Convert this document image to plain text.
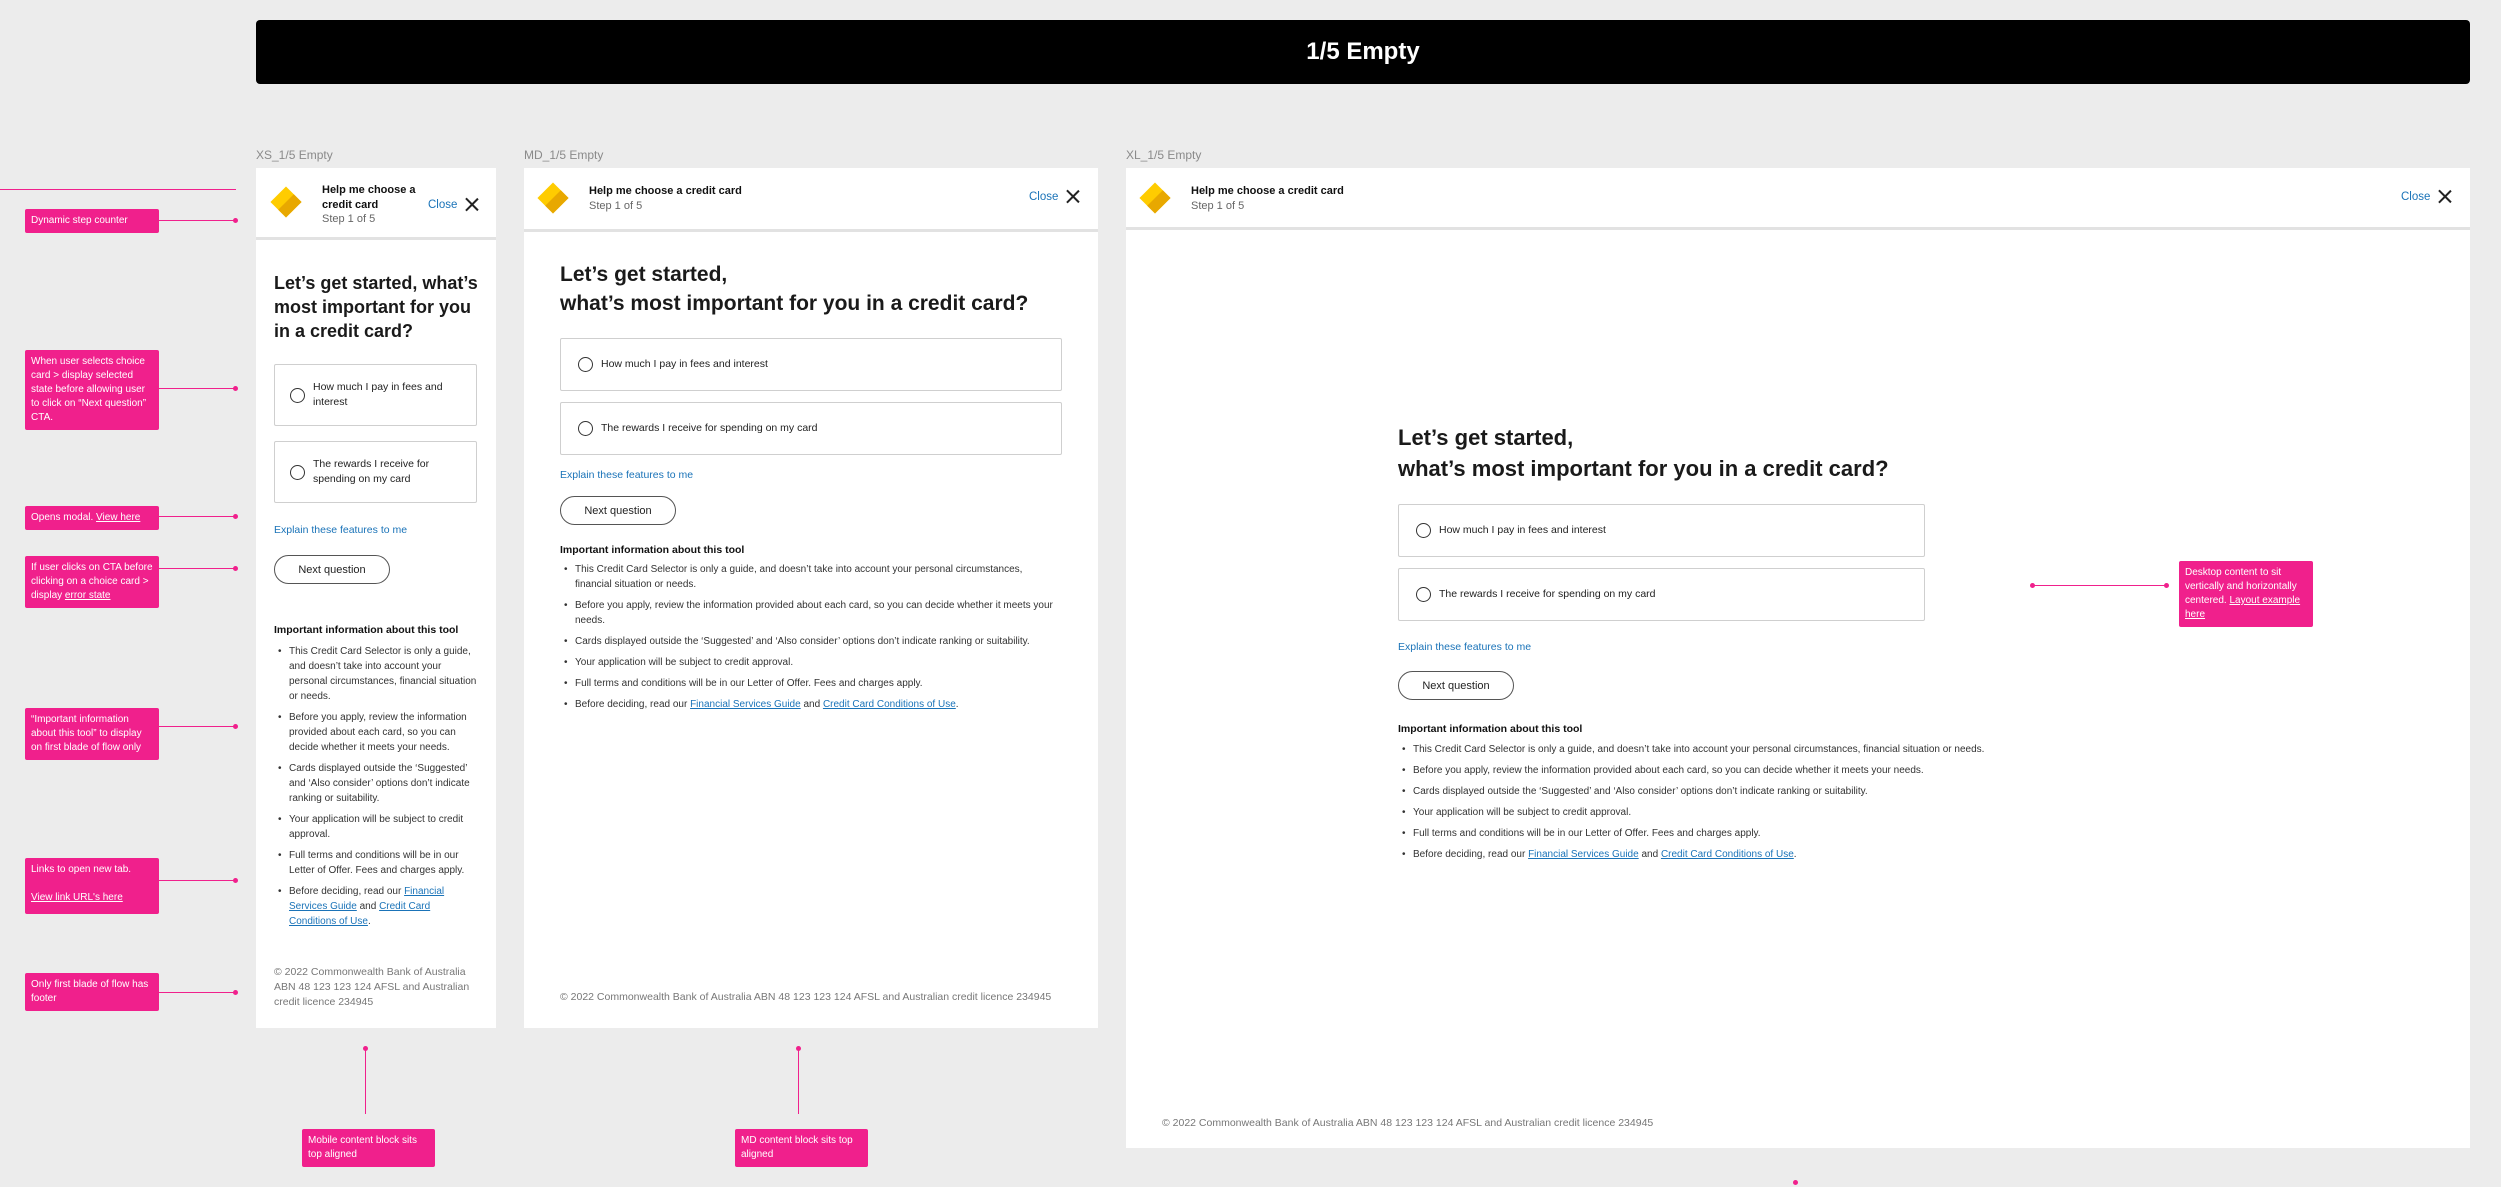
1/5 Empty
XS_1/5 Empty	MD_1/5 Empty	XL_1/5 Empty
Help me choose a credit card
Step 1 of 5
Close
Let’s get started, what’s most important for you in a credit card?
How much I pay in fees and interest
The rewards I receive for spending on my card
Explain these features to me
Next question
Important information about this tool
• This Credit Card Selector is only a guide, and doesn’t take into account your personal circumstances, financial situation or needs.
• Before you apply, review the information provided about each card, so you can decide whether it meets your needs.
• Cards displayed outside the ‘Suggested’ and ‘Also consider’ options don’t indicate ranking or suitability.
• Your application will be subject to credit approval.
• Full terms and conditions will be in our Letter of Offer. Fees and charges apply.
• Before deciding, read our Financial Services Guide and Credit Card Conditions of Use.
© 2022 Commonwealth Bank of Australia ABN 48 123 123 124 AFSL and Australian credit licence 234945
Help me choose a credit card
Step 1 of 5
Close
Let’s get started,
what’s most important for you in a credit card?
How much I pay in fees and interest
The rewards I receive for spending on my card
Explain these features to me
Next question
Important information about this tool
• This Credit Card Selector is only a guide, and doesn’t take into account your personal circumstances, financial situation or needs.
• Before you apply, review the information provided about each card, so you can decide whether it meets your needs.
• Cards displayed outside the ‘Suggested’ and ‘Also consider’ options don’t indicate ranking or suitability.
• Your application will be subject to credit approval.
• Full terms and conditions will be in our Letter of Offer. Fees and charges apply.
• Before deciding, read our Financial Services Guide and Credit Card Conditions of Use.
© 2022 Commonwealth Bank of Australia ABN 48 123 123 124 AFSL and Australian credit licence 234945
Help me choose a credit card
Step 1 of 5
Close
Let’s get started,
what’s most important for you in a credit card?
How much I pay in fees and interest
The rewards I receive for spending on my card
Explain these features to me
Next question
Important information about this tool
• This Credit Card Selector is only a guide, and doesn’t take into account your personal circumstances, financial situation or needs.
• Before you apply, review the information provided about each card, so you can decide whether it meets your needs.
• Cards displayed outside the ‘Suggested’ and ‘Also consider’ options don’t indicate ranking or suitability.
• Your application will be subject to credit approval.
• Full terms and conditions will be in our Letter of Offer. Fees and charges apply.
• Before deciding, read our Financial Services Guide and Credit Card Conditions of Use.
© 2022 Commonwealth Bank of Australia ABN 48 123 123 124 AFSL and Australian credit licence 234945
Dynamic step counter
When user selects choice card > display selected state before allowing user to click on “Next question” CTA.
Opens modal. View here
If user clicks on CTA before clicking on a choice card > display error state
“Important information about this tool” to display on first blade of flow only
Links to open new tab.
View link URL's here
Only first blade of flow has footer
Mobile content block sits top aligned
MD content block sits top aligned
Desktop content to sit vertically and horizontally centered. Layout example here
